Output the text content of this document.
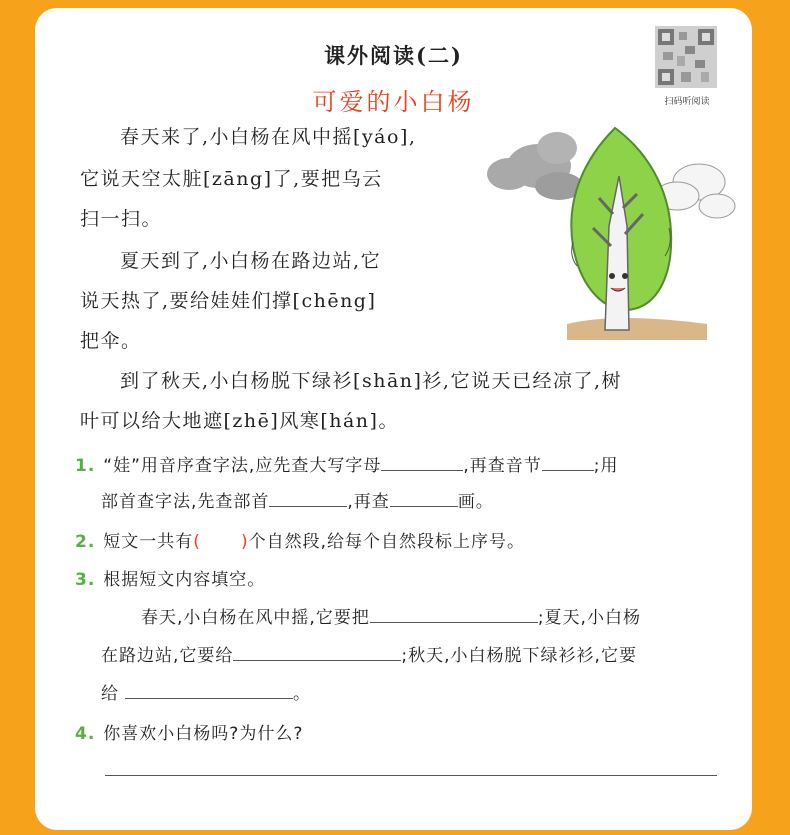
课外阅读(二)
可爱的小白杨	扫码听阅读
春天来了,小白杨在风中摇[yáo],
它说天空太脏[zāng]了,要把乌云
扫一扫。
夏天到了,小白杨在路边站,它
说天热了,要给娃娃们撑[chēng]
把伞。
到了秋天,小白杨脱下绿衫[shān]衫,它说天已经凉了,树
叶可以给大地遮[zhē]风寒[hán]。
1. “娃”用音序查字法,应先查大写字母	,再查音节	;用
部首查字法,先查部首	,再查	画。
2. 短文一共有( )个自然段,给每个自然段标上序号。
3. 根据短文内容填空。
春天,小白杨在风中摇,它要把	;夏天,小白杨
在路边站,它要给	;秋天,小白杨脱下绿衫衫,它要
给	。
4. 你喜欢小白杨吗?为什么?
